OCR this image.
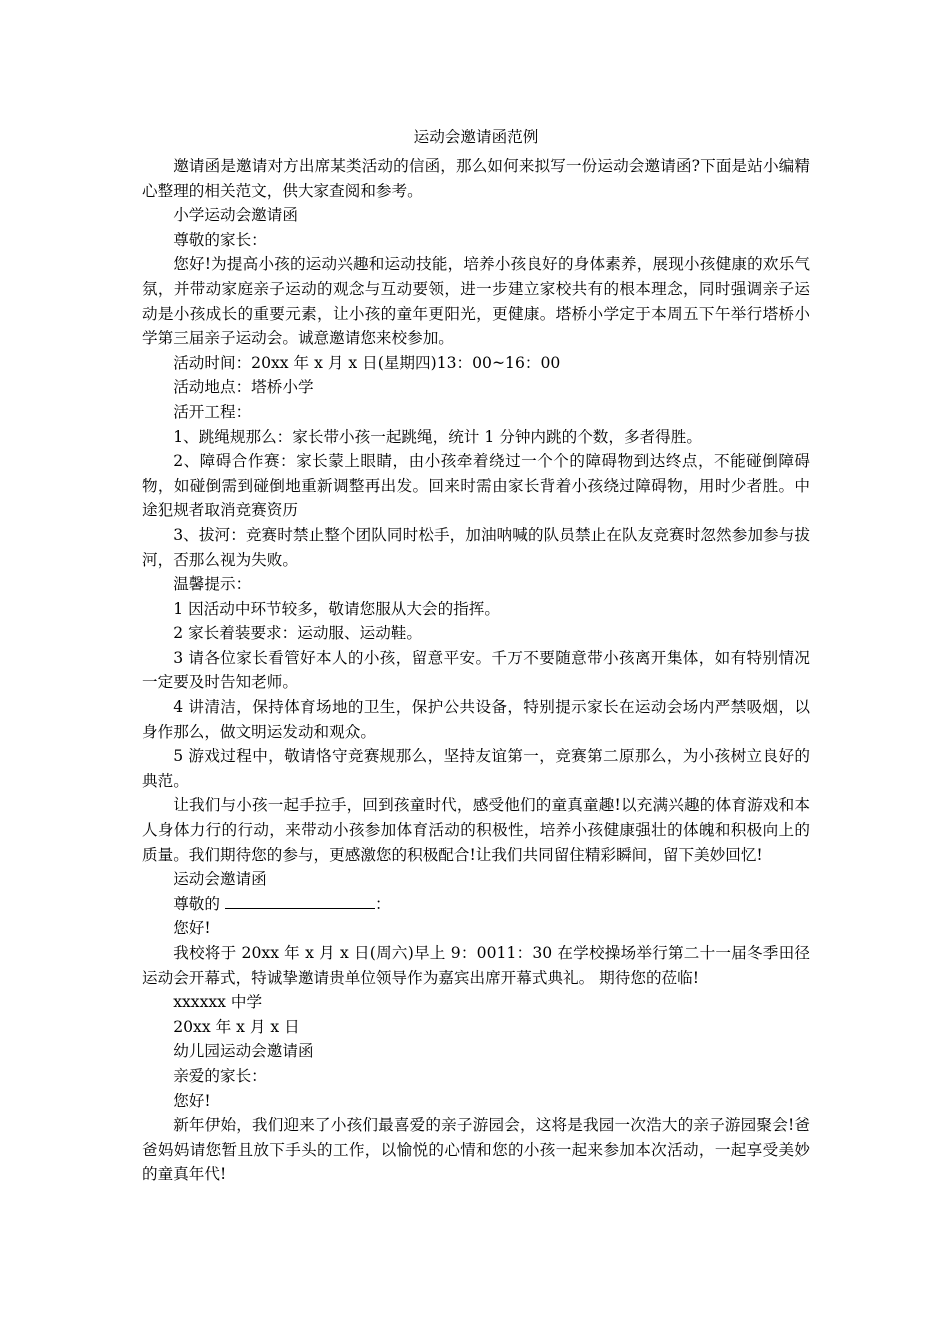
运动会邀请函范例

邀请函是邀请对方出席某类活动的信函，那么如何来拟写一份运动会邀请函?下面是站小编精心整理的相关范文，供大家查阅和参考。

小学运动会邀请函

尊敬的家长：

您好!为提高小孩的运动兴趣和运动技能，培养小孩良好的身体素养，展现小孩健康的欢乐气氛，并带动家庭亲子运动的观念与互动要领，进一步建立家校共有的根本理念，同时强调亲子运动是小孩成长的重要元素，让小孩的童年更阳光，更健康。塔桥小学定于本周五下午举行塔桥小学第三届亲子运动会。诚意邀请您来校参加。

活动时间：20xx 年 x 月 x 日(星期四)13：00~16：00

活动地点：塔桥小学

活开工程：

1、跳绳规那么：家长带小孩一起跳绳，统计 1 分钟内跳的个数，多者得胜。

2、障碍合作赛：家长蒙上眼睛，由小孩牵着绕过一个个的障碍物到达终点，不能碰倒障碍物，如碰倒需到碰倒地重新调整再出发。回来时需由家长背着小孩绕过障碍物，用时少者胜。中途犯规者取消竞赛资历

3、拔河：竞赛时禁止整个团队同时松手，加油呐喊的队员禁止在队友竞赛时忽然参加参与拔河，否那么视为失败。

温馨提示：

1 因活动中环节较多，敬请您服从大会的指挥。

2 家长着装要求：运动服、运动鞋。

3 请各位家长看管好本人的小孩，留意平安。千万不要随意带小孩离开集体，如有特别情况一定要及时告知老师。

4 讲清洁，保持体育场地的卫生，保护公共设备，特别提示家长在运动会场内严禁吸烟，以身作那么，做文明运发动和观众。

5 游戏过程中，敬请恪守竞赛规那么，坚持友谊第一，竞赛第二原那么，为小孩树立良好的典范。

让我们与小孩一起手拉手，回到孩童时代，感受他们的童真童趣!以充满兴趣的体育游戏和本人身体力行的行动，来带动小孩参加体育活动的积极性，培养小孩健康强壮的体魄和积极向上的质量。我们期待您的参与，更感激您的积极配合!让我们共同留住精彩瞬间，留下美妙回忆!

运动会邀请函

尊敬的	：

您好!

我校将于 20xx 年 x 月 x 日(周六)早上 9：0011：30 在学校操场举行第二十一届冬季田径运动会开幕式，特诚挚邀请贵单位领导作为嘉宾出席开幕式典礼。 期待您的莅临!

xxxxxx 中学

20xx 年 x 月 x 日

幼儿园运动会邀请函

亲爱的家长：

您好!

新年伊始，我们迎来了小孩们最喜爱的亲子游园会，这将是我园一次浩大的亲子游园聚会!爸爸妈妈请您暂且放下手头的工作，以愉悦的心情和您的小孩一起来参加本次活动，一起享受美妙的童真年代!
